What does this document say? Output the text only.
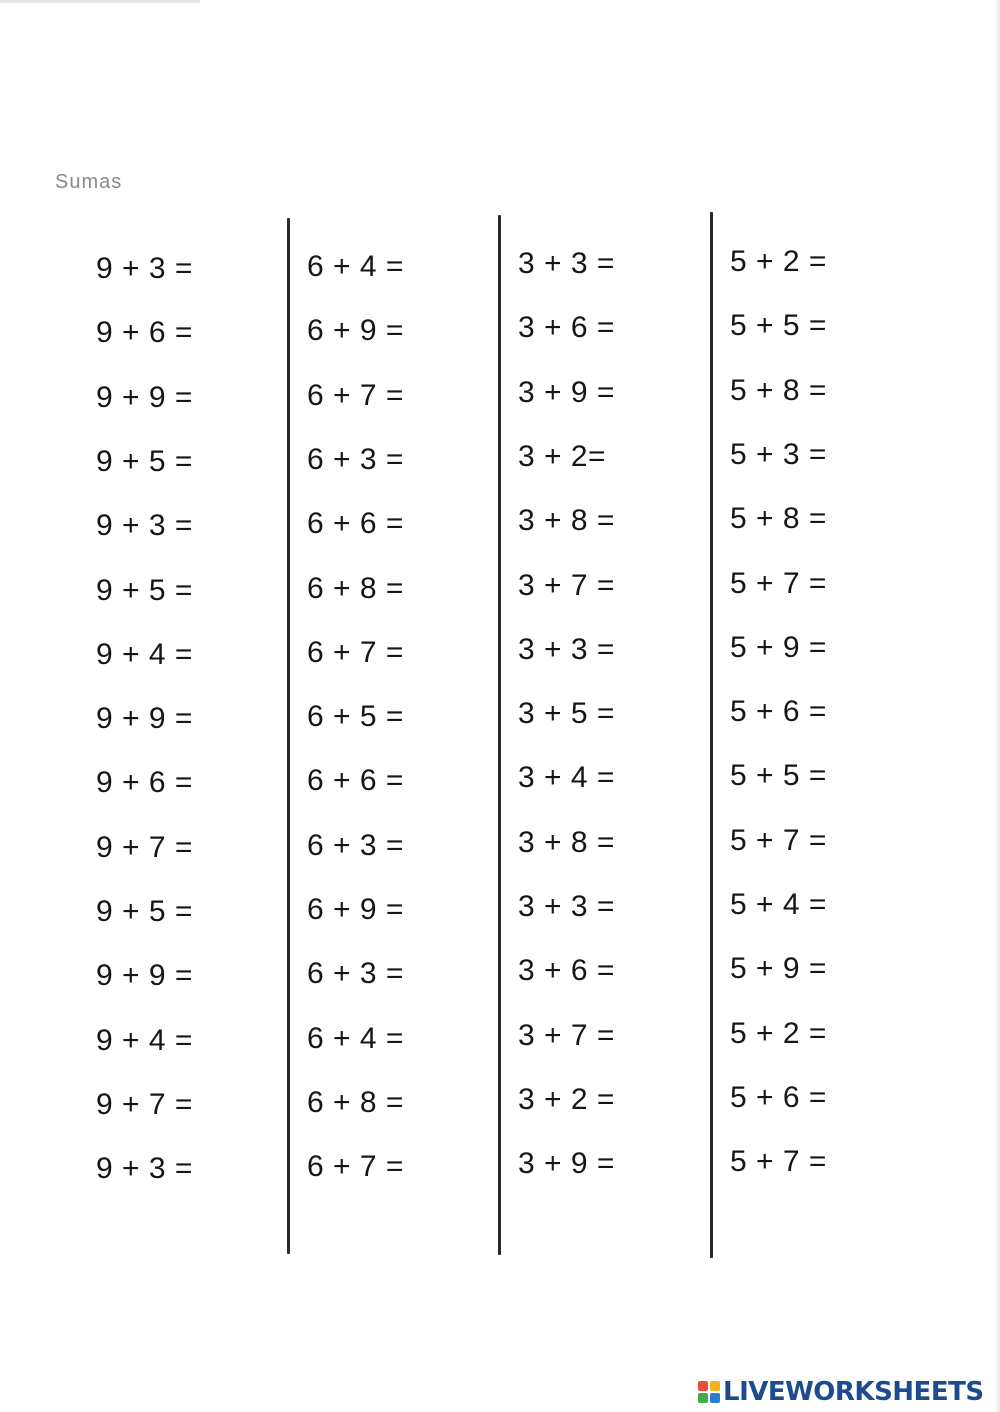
Sumas
9 + 3 =
9 + 6 =
9 + 9 =
9 + 5 =
9 + 3 =
9 + 5 =
9 + 4 =
9 + 9 =
9 + 6 =
9 + 7 =
9 + 5 =
9 + 9 =
9 + 4 =
9 + 7 =
9 + 3 =
6 + 4 =
6 + 9 =
6 + 7 =
6 + 3 =
6 + 6 =
6 + 8 =
6 + 7 =
6 + 5 =
6 + 6 =
6 + 3 =
6 + 9 =
6 + 3 =
6 + 4 =
6 + 8 =
6 + 7 =
3 + 3 =
3 + 6 =
3 + 9 =
3 + 2=
3 + 8 =
3 + 7 =
3 + 3 =
3 + 5 =
3 + 4 =
3 + 8 =
3 + 3 =
3 + 6 =
3 + 7 =
3 + 2 =
3 + 9 =
5 + 2 =
5 + 5 =
5 + 8 =
5 + 3 =
5 + 8 =
5 + 7 =
5 + 9 =
5 + 6 =
5 + 5 =
5 + 7 =
5 + 4 =
5 + 9 =
5 + 2 =
5 + 6 =
5 + 7 =
LIVEWORKSHEETS
